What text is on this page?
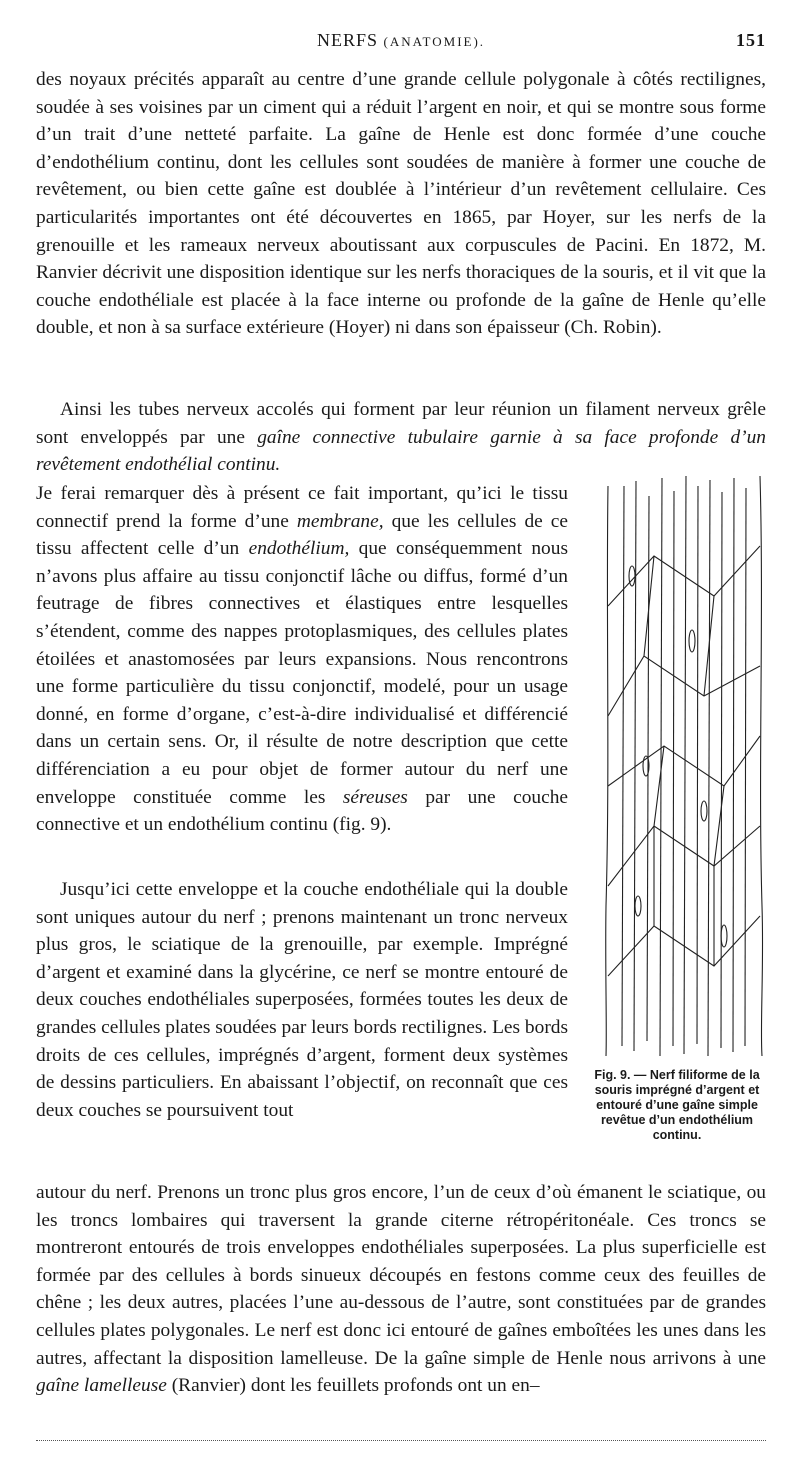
NERFS (ANATOMIE).	151

des noyaux précités apparaît au centre d’une grande cellule polygonale à côtés rectilignes, soudée à ses voisines par un ciment qui a réduit l’argent en noir, et qui se montre sous forme d’un trait d’une netteté parfaite. La gaîne de Henle est donc formée d’une couche d’endothélium continu, dont les cellules sont soudées de manière à former une couche de revêtement, ou bien cette gaîne est doublée à l’intérieur d’un revêtement cellulaire. Ces particularités importantes ont été découvertes en 1865, par Hoyer, sur les nerfs de la grenouille et les rameaux nerveux aboutissant aux corpuscules de Pacini. En 1872, M. Ranvier décrivit une disposition identique sur les nerfs thoraciques de la souris, et il vit que la couche endothéliale est placée à la face interne ou profonde de la gaîne de Henle qu’elle double, et non à sa surface extérieure (Hoyer) ni dans son épaisseur (Ch. Robin).

Ainsi les tubes nerveux accolés qui forment par leur réunion un filament nerveux grêle sont enveloppés par une gaîne connective tubulaire garnie à sa face profonde d’un revêtement endothélial continu.

Je ferai remarquer dès à présent ce fait important, qu’ici le tissu connectif prend la forme d’une membrane, que les cellules de ce tissu affectent celle d’un endothélium, que conséquemment nous n’avons plus affaire au tissu conjonctif lâche ou diffus, formé d’un feutrage de fibres connectives et élastiques entre lesquelles s’étendent, comme des nappes protoplasmiques, des cellules plates étoilées et anastomosées par leurs expansions. Nous rencontrons une forme particulière du tissu conjonctif, modelé, pour un usage donné, en forme d’organe, c’est-à-dire individualisé et différencié dans un certain sens. Or, il résulte de notre description que cette différenciation a eu pour objet de former autour du nerf une enveloppe constituée comme les séreuses par une couche connective et un endothélium continu (fig. 9).

Jusqu’ici cette enveloppe et la couche endothéliale qui la double sont uniques autour du nerf ; prenons maintenant un tronc nerveux plus gros, le sciatique de la grenouille, par exemple. Imprégné d’argent et examiné dans la glycérine, ce nerf se montre entouré de deux couches endothéliales superposées, formées toutes les deux de grandes cellules plates soudées par leurs bords rectilignes. Les bords droits de ces cellules, imprégnés d’argent, forment deux systèmes de dessins particuliers. En abaissant l’objectif, on reconnaît que ces deux couches se poursuivent tout

autour du nerf. Prenons un tronc plus gros encore, l’un de ceux d’où émanent le sciatique, ou les troncs lombaires qui traversent la grande citerne rétropéritonéale. Ces troncs se montreront entourés de trois enveloppes endothéliales superposées. La plus superficielle est formée par des cellules à bords sinueux découpés en festons comme ceux des feuilles de chêne ; les deux autres, placées l’une au-dessous de l’autre, sont constituées par de grandes cellules plates polygonales. Le nerf est donc ici entouré de gaînes emboîtées les unes dans les autres, affectant la disposition lamelleuse. De la gaîne simple de Henle nous arrivons à une gaîne lamelleuse (Ranvier) dont les feuillets profonds ont un en–

Fig. 9. — Nerf filiforme de la souris imprégné d’argent et entouré d’une gaîne simple revêtue d’un endothélium continu.
